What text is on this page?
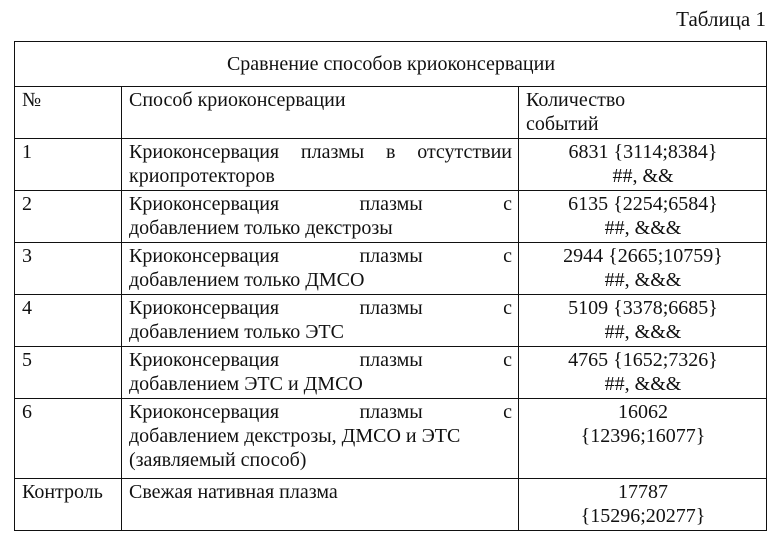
Таблица 1

Сравнение способов криоконсервации		
№	Способ криоконсервации	Количество
событий

1	Криоконсервация плазмы в отсутствии
криопротекторов	6831 {3114;8384}
##, &&

2	Криоконсервация плазмы с
добавлением только декстрозы	6135 {2254;6584}
##, &&&

3	Криоконсервация плазмы с
добавлением только ДМСО	2944 {2665;10759}
##, &&&

4	Криоконсервация плазмы с
добавлением только ЭТС	5109 {3378;6685}
##, &&&

5	Криоконсервация плазмы с
добавлением ЭТС и ДМСО	4765 {1652;7326}
##, &&&

6	Криоконсервация плазмы с
добавлением декстрозы, ДМСО и ЭТС
(заявляемый способ)	16062
{12396;16077}

Контроль	Свежая нативная плазма	17787
{15296;20277}
